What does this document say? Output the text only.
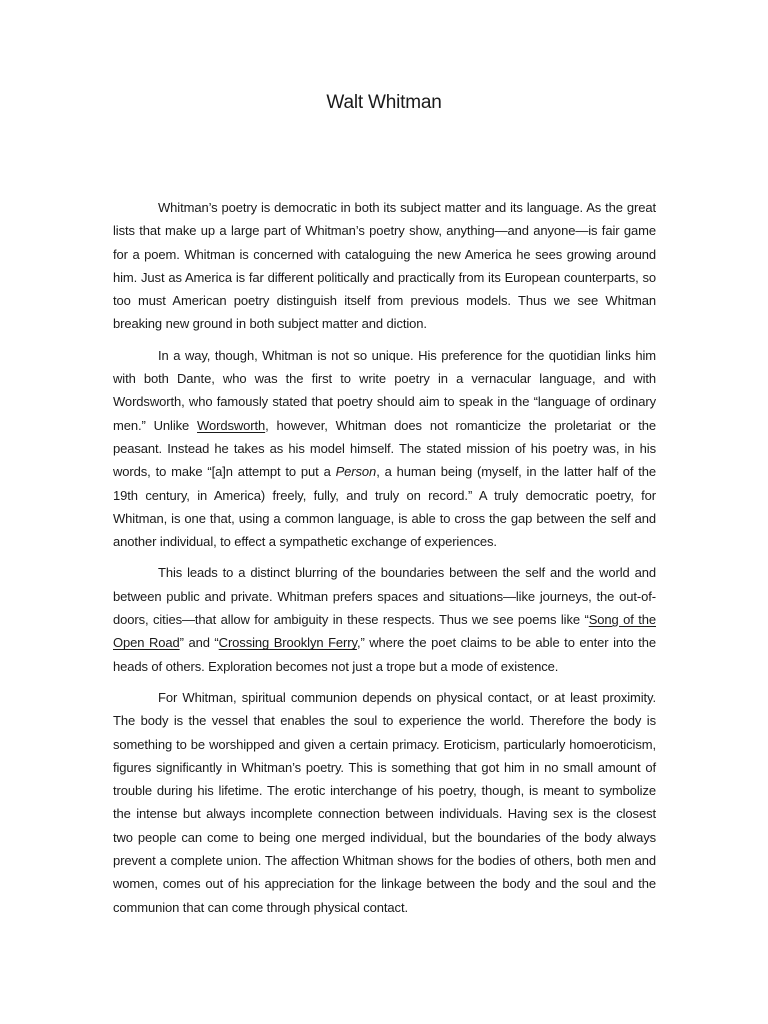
Walt Whitman

Whitman’s poetry is democratic in both its subject matter and its language. As the great lists that make up a large part of Whitman’s poetry show, anything—and anyone—is fair game for a poem. Whitman is concerned with cataloguing the new America he sees growing around him. Just as America is far different politically and practically from its European counterparts, so too must American poetry distinguish itself from previous models. Thus we see Whitman breaking new ground in both subject matter and diction.

In a way, though, Whitman is not so unique. His preference for the quotidian links him with both Dante, who was the first to write poetry in a vernacular language, and with Wordsworth, who famously stated that poetry should aim to speak in the “language of ordinary men.” Unlike Wordsworth, however, Whitman does not romanticize the proletariat or the peasant. Instead he takes as his model himself. The stated mission of his poetry was, in his words, to make “[a]n attempt to put a Person, a human being (myself, in the latter half of the 19th century, in America) freely, fully, and truly on record.” A truly democratic poetry, for Whitman, is one that, using a common language, is able to cross the gap between the self and another individual, to effect a sympathetic exchange of experiences.

This leads to a distinct blurring of the boundaries between the self and the world and between public and private. Whitman prefers spaces and situations—like journeys, the out-of-doors, cities—that allow for ambiguity in these respects. Thus we see poems like “Song of the Open Road” and “Crossing Brooklyn Ferry,” where the poet claims to be able to enter into the heads of others. Exploration becomes not just a trope but a mode of existence.

For Whitman, spiritual communion depends on physical contact, or at least proximity. The body is the vessel that enables the soul to experience the world. Therefore the body is something to be worshipped and given a certain primacy. Eroticism, particularly homoeroticism, figures significantly in Whitman’s poetry. This is something that got him in no small amount of trouble during his lifetime. The erotic interchange of his poetry, though, is meant to symbolize the intense but always incomplete connection between individuals. Having sex is the closest two people can come to being one merged individual, but the boundaries of the body always prevent a complete union. The affection Whitman shows for the bodies of others, both men and women, comes out of his appreciation for the linkage between the body and the soul and the communion that can come through physical contact.
